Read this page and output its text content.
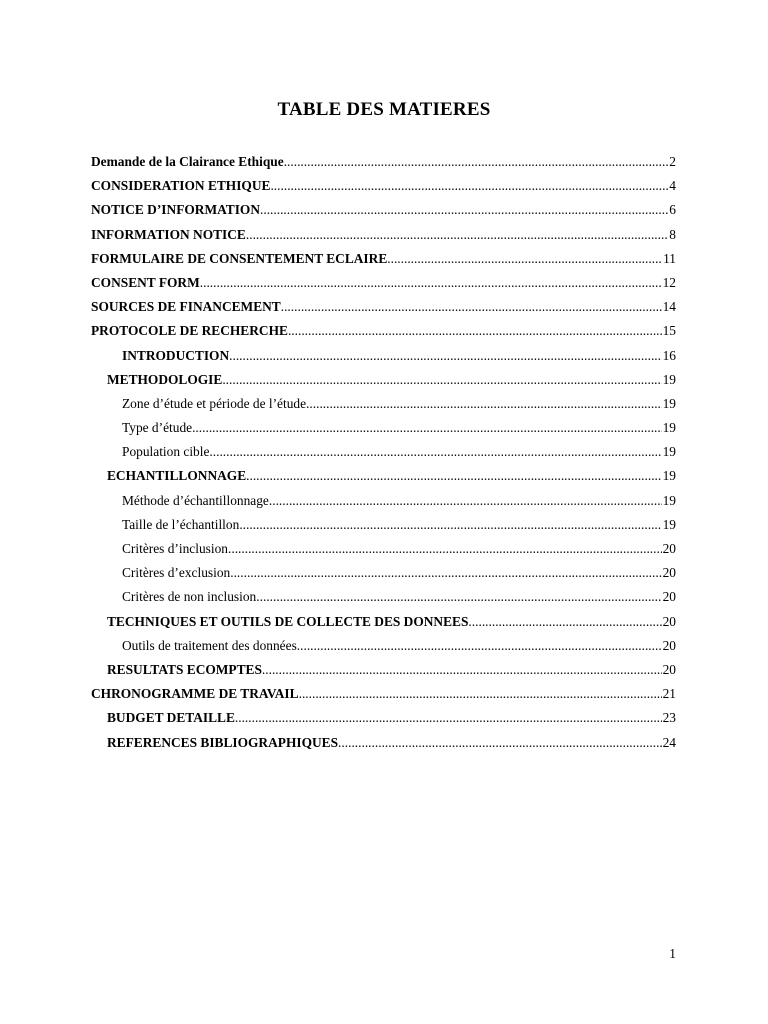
TABLE DES MATIERES
Demande de la Clairance Ethique .....	2
CONSIDERATION ETHIQUE .....	4
NOTICE D’INFORMATION .....	6
INFORMATION NOTICE .....	8
FORMULAIRE DE CONSENTEMENT ECLAIRE .....	11
CONSENT FORM .....	12
SOURCES DE FINANCEMENT .....	14
PROTOCOLE DE RECHERCHE .....	15
INTRODUCTION .....	16
METHODOLOGIE .....	19
Zone d’étude et période de l’étude .....	19
Type d’étude .....	19
Population cible .....	19
ECHANTILLONNAGE .....	19
Méthode d’échantillonnage .....	19
Taille de l’échantillon .....	19
Critères d’inclusion .....	20
Critères d’exclusion .....	20
Critères de non inclusion .....	20
TECHNIQUES ET OUTILS DE COLLECTE DES DONNEES .....	20
Outils de traitement des données .....	20
RESULTATS ECOMPTES .....	20
CHRONOGRAMME DE TRAVAIL .....	21
BUDGET DETAILLE .....	23
REFERENCES BIBLIOGRAPHIQUES .....	24
1
